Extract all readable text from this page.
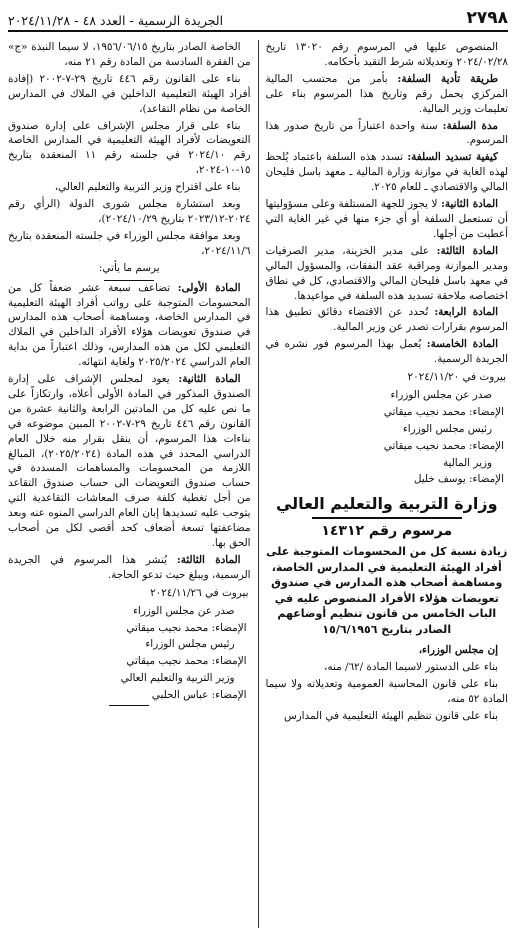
٢٧٩٨
الجريدة الرسمية - العدد ٤٨ - ٢٠٢٤/١١/٢٨

المنصوص عليها في المرسوم رقم ١٣٠٢٠ تاريخ ٢٠٢٤/٠٢/٢٨ وتعديلاته شرط التقيد بأحكامه.

طريقة تأدية السلفة: بأمر من محتسب المالية المركزي يحمل رقم وتاريخ هذا المرسوم بناء على تعليمات وزير المالية.

مدة السلفة: سنة واحدة اعتباراً من تاريخ صدور هذا المرسوم.

كيفية تسديد السلفة: تسدد هذه السلفة باعتماد يُلحظ لهذه الغاية في موازنة وزارة المالية ـ معهد باسل فليحان المالي والاقتصادي ـ للعام ٢٠٢٥.

المادة الثانية: لا يجوز للجهة المستلفة وعلى مسؤوليتها أن تستعمل السلفة أو أي جزء منها في غير الغاية التي أعطيت من أجلها.

المادة الثالثة: على مدير الخزينة، مدير الصرفيات ومدير الموازنة ومراقبة عقد النفقات، والمسؤول المالي في معهد باسل فليحان المالي والاقتصادي، كل في نطاق اختصاصه ملاحقة تسديد هذه السلفة في مواعيدها.

المادة الرابعة: تُحدد عن الاقتضاء دقائق تطبيق هذا المرسوم بقرارات تصدر عن وزير المالية.

المادة الخامسة: يُعمل بهذا المرسوم فور نشره في الجريدة الرسمية.

بيروت في ٢٠٢٤/١١/٢٠

صدر عن مجلس الوزراء

الإمضاء: محمد نجيب ميقاتي

رئيس مجلس الوزراء

الإمضاء: محمد نجيب ميقاتي

وزير المالية

الإمضاء: يوسف خليل

وزارة التربية والتعليم العالي
مرسوم رقم ١٤٣١٢
زيادة نسبة كل من المحسومات المتوجبة على أفراد الهيئة التعليمية في المدارس الخاصة، ومساهمة أصحاب هذه المدارس في صندوق تعويضات هؤلاء الأفراد المنصوص عليه في الباب الخامس من قانون تنظيم أوضاعهم الصادر بتاريخ ١٥/٦/١٩٥٦

إن مجلس الوزراء،

بناء على الدستور لاسيما المادة /٦٢/ منه،

بناء على قانون المحاسبة العمومية وتعديلاته ولا سيما المادة ٥٢ منه،

بناء على قانون تنظيم الهيئة التعليمية في المدارس

الخاصة الصادر بتاريخ ١٩٥٦/٠٦/١٥، لا سيما النبذة «ج» من الفقرة السادسة من المادة رقم ٢١ منه،

بناء على القانون رقم ٤٤٦ تاريخ ٢٩-٧-٢٠٠٢ (إفادة أفراد الهيئة التعليمية الداخلين في الملاك في المدارس الخاصة من نظام التقاعد)،

بناء على قرار مجلس الإشراف على إدارة صندوق التعويضات لأفراد الهيئة التعليمية في المدارس الخاصة رقم ٢٠٢٤/١٠ في جلسته رقم ١١ المنعقدة بتاريخ ١٥-١٠-٢٠٢٤،

بناء على اقتراح وزير التربية والتعليم العالي،

وبعد استشارة مجلس شورى الدولة (الرأي رقم ٢٠٢٤-٢٠٢٣/١٢ بتاريخ ٢٠٢٤/١٠/٢٩)،

وبعد موافقة مجلس الوزراء في جلسته المنعقدة بتاريخ ٢٠٢٤/١١/٦،

يرسم ما يأتي:

المادة الأولى: تضاعف سبعة عشر ضعفاً كل من المحسومات المتوجبة على رواتب أفراد الهيئة التعليمية في المدارس الخاصة، ومساهمة أصحاب هذه المدارس في صندوق تعويضات هؤلاء الأفراد الداخلين في الملاك التعليمي لكل من هذه المدارس، وذلك اعتباراً من بداية العام الدراسي ٢٠٢٥/٢٠٢٤ ولغاية انتهائه.

المادة الثانية: يعود لمجلس الإشراف على إدارة الصندوق المذكور في المادة الأولى أعلاه، وارتكازاً على ما نص عليه كل من المادتين الرابعة والثانية عشرة من القانون رقم ٤٤٦ تاريخ ٢٩-٧-٢٠٠٢ المبين موضوعه في بناءات هذا المرسوم، أن ينقل بقرار منه خلال العام الدراسي المحدد في هذه المادة (٢٠٢٥/٢٠٢٤)، المبالغ اللازمة من المحسومات والمساهمات المسددة في حساب صندوق التعويضات الى حساب صندوق التقاعد من أجل تغطية كلفة صرف المعاشات التقاعدية التي يتوجب عليه تسديدها إبان العام الدراسي المنوه عنه وبعد مضاعفتها تسعة أضعاف كحد أقصى لكل من أصحاب الحق بها.

المادة الثالثة: يُنشر هذا المرسوم في الجريدة الرسمية، ويبلغ حيث تدعو الحاجة.

بيروت في ٢٠٢٤/١١/٢٦

صدر عن مجلس الوزراء

الإمضاء: محمد نجيب ميقاتي

رئيس مجلس الوزراء

الإمضاء: محمد نجيب ميقاتي

وزير التربية والتعليم العالي

الإمضاء: عباس الحلبي
